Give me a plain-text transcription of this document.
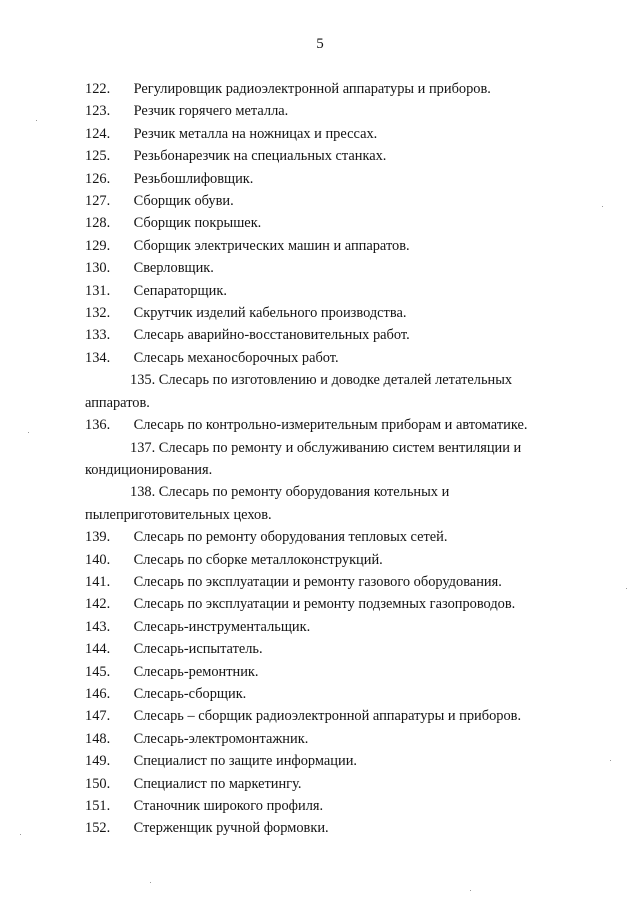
5
122. Регулировщик радиоэлектронной аппаратуры и приборов.
123. Резчик горячего металла.
124. Резчик металла на ножницах и прессах.
125. Резьбонарезчик на специальных станках.
126. Резьбошлифовщик.
127. Сборщик обуви.
128. Сборщик покрышек.
129. Сборщик электрических машин и аппаратов.
130. Сверловщик.
131. Сепараторщик.
132. Скрутчик изделий кабельного производства.
133. Слесарь аварийно-восстановительных работ.
134. Слесарь механосборочных работ.
135. Слесарь по изготовлению и доводке деталей летательных
аппаратов.
136. Слесарь по контрольно-измерительным приборам и автоматике.
137. Слесарь по ремонту и обслуживанию систем вентиляции и
кондиционирования.
138. Слесарь по ремонту оборудования котельных и
пылеприготовительных цехов.
139. Слесарь по ремонту оборудования тепловых сетей.
140. Слесарь по сборке металлоконструкций.
141. Слесарь по эксплуатации и ремонту газового оборудования.
142. Слесарь по эксплуатации и ремонту подземных газопроводов.
143. Слесарь-инструментальщик.
144. Слесарь-испытатель.
145. Слесарь-ремонтник.
146. Слесарь-сборщик.
147. Слесарь – сборщик радиоэлектронной аппаратуры и приборов.
148. Слесарь-электромонтажник.
149. Специалист по защите информации.
150. Специалист по маркетингу.
151. Станочник широкого профиля.
152. Стерженщик ручной формовки.
